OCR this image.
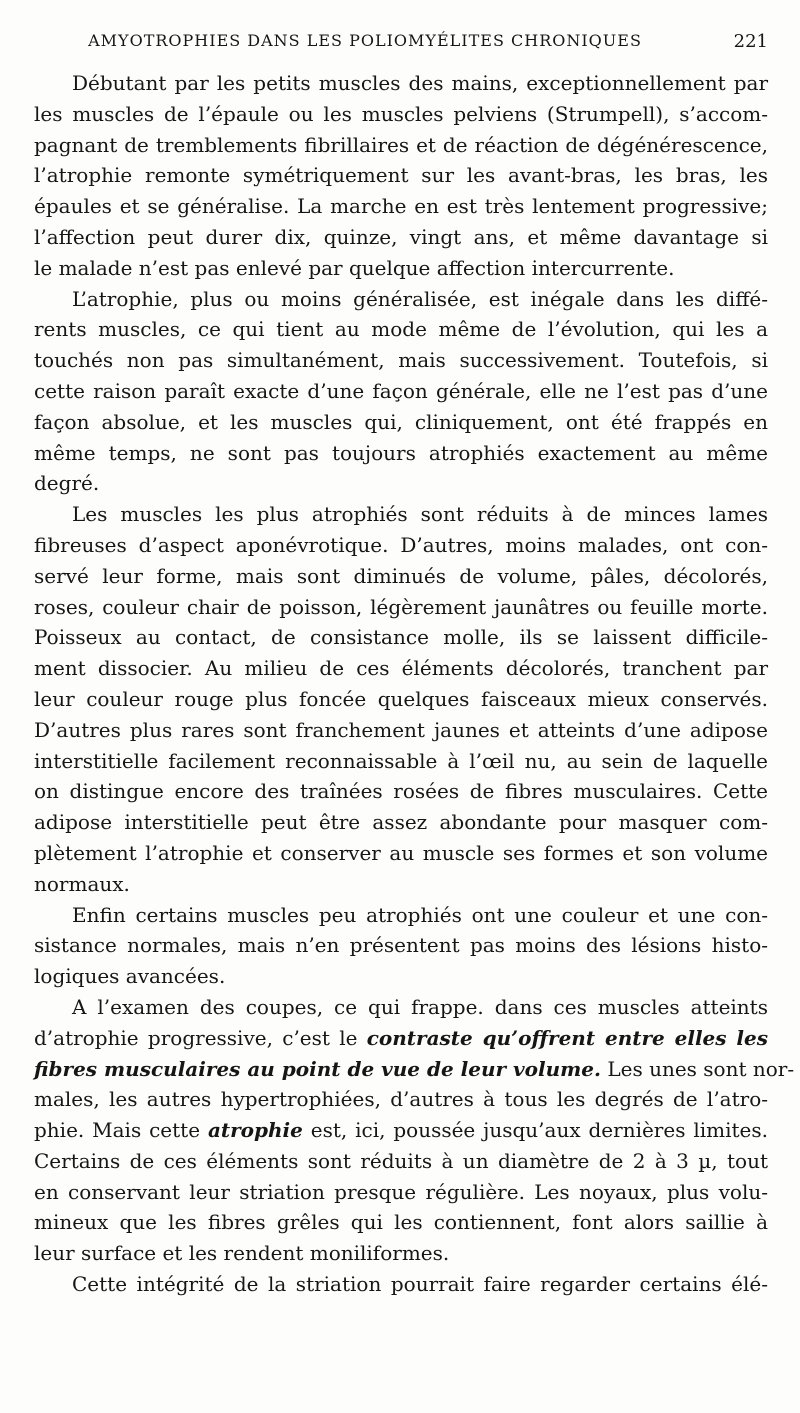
AMYOTROPHIES DANS LES POLIOMYÉLITES CHRONIQUES	221
Débutant par les petits muscles des mains, exceptionnellement par
les muscles de l’épaule ou les muscles pelviens (Strumpell), s’accom-
pagnant de tremblements fibrillaires et de réaction de dégénérescence,
l’atrophie remonte symétriquement sur les avant-bras, les bras, les
épaules et se généralise. La marche en est très lentement progressive;
l’affection peut durer dix, quinze, vingt ans, et même davantage si
le malade n’est pas enlevé par quelque affection intercurrente.
L’atrophie, plus ou moins généralisée, est inégale dans les diffé-
rents muscles, ce qui tient au mode même de l’évolution, qui les a
touchés non pas simultanément, mais successivement. Toutefois, si
cette raison paraît exacte d’une façon générale, elle ne l’est pas d’une
façon absolue, et les muscles qui, cliniquement, ont été frappés en
même temps, ne sont pas toujours atrophiés exactement au même
degré.
Les muscles les plus atrophiés sont réduits à de minces lames
fibreuses d’aspect aponévrotique. D’autres, moins malades, ont con-
servé leur forme, mais sont diminués de volume, pâles, décolorés,
roses, couleur chair de poisson, légèrement jaunâtres ou feuille morte.
Poisseux au contact, de consistance molle, ils se laissent difficile-
ment dissocier. Au milieu de ces éléments décolorés, tranchent par
leur couleur rouge plus foncée quelques faisceaux mieux conservés.
D’autres plus rares sont franchement jaunes et atteints d’une adipose
interstitielle facilement reconnaissable à l’œil nu, au sein de laquelle
on distingue encore des traînées rosées de fibres musculaires. Cette
adipose interstitielle peut être assez abondante pour masquer com-
plètement l’atrophie et conserver au muscle ses formes et son volume
normaux.
Enfin certains muscles peu atrophiés ont une couleur et une con-
sistance normales, mais n’en présentent pas moins des lésions histo-
logiques avancées.
A l’examen des coupes, ce qui frappe. dans ces muscles atteints
d’atrophie progressive, c’est le contraste qu’offrent entre elles les
fibres musculaires au point de vue de leur volume. Les unes sont nor-
males, les autres hypertrophiées, d’autres à tous les degrés de l’atro-
phie. Mais cette atrophie est, ici, poussée jusqu’aux dernières limites.
Certains de ces éléments sont réduits à un diamètre de 2 à 3 µ, tout
en conservant leur striation presque régulière. Les noyaux, plus volu-
mineux que les fibres grêles qui les contiennent, font alors saillie à
leur surface et les rendent moniliformes.
Cette intégrité de la striation pourrait faire regarder certains élé-
